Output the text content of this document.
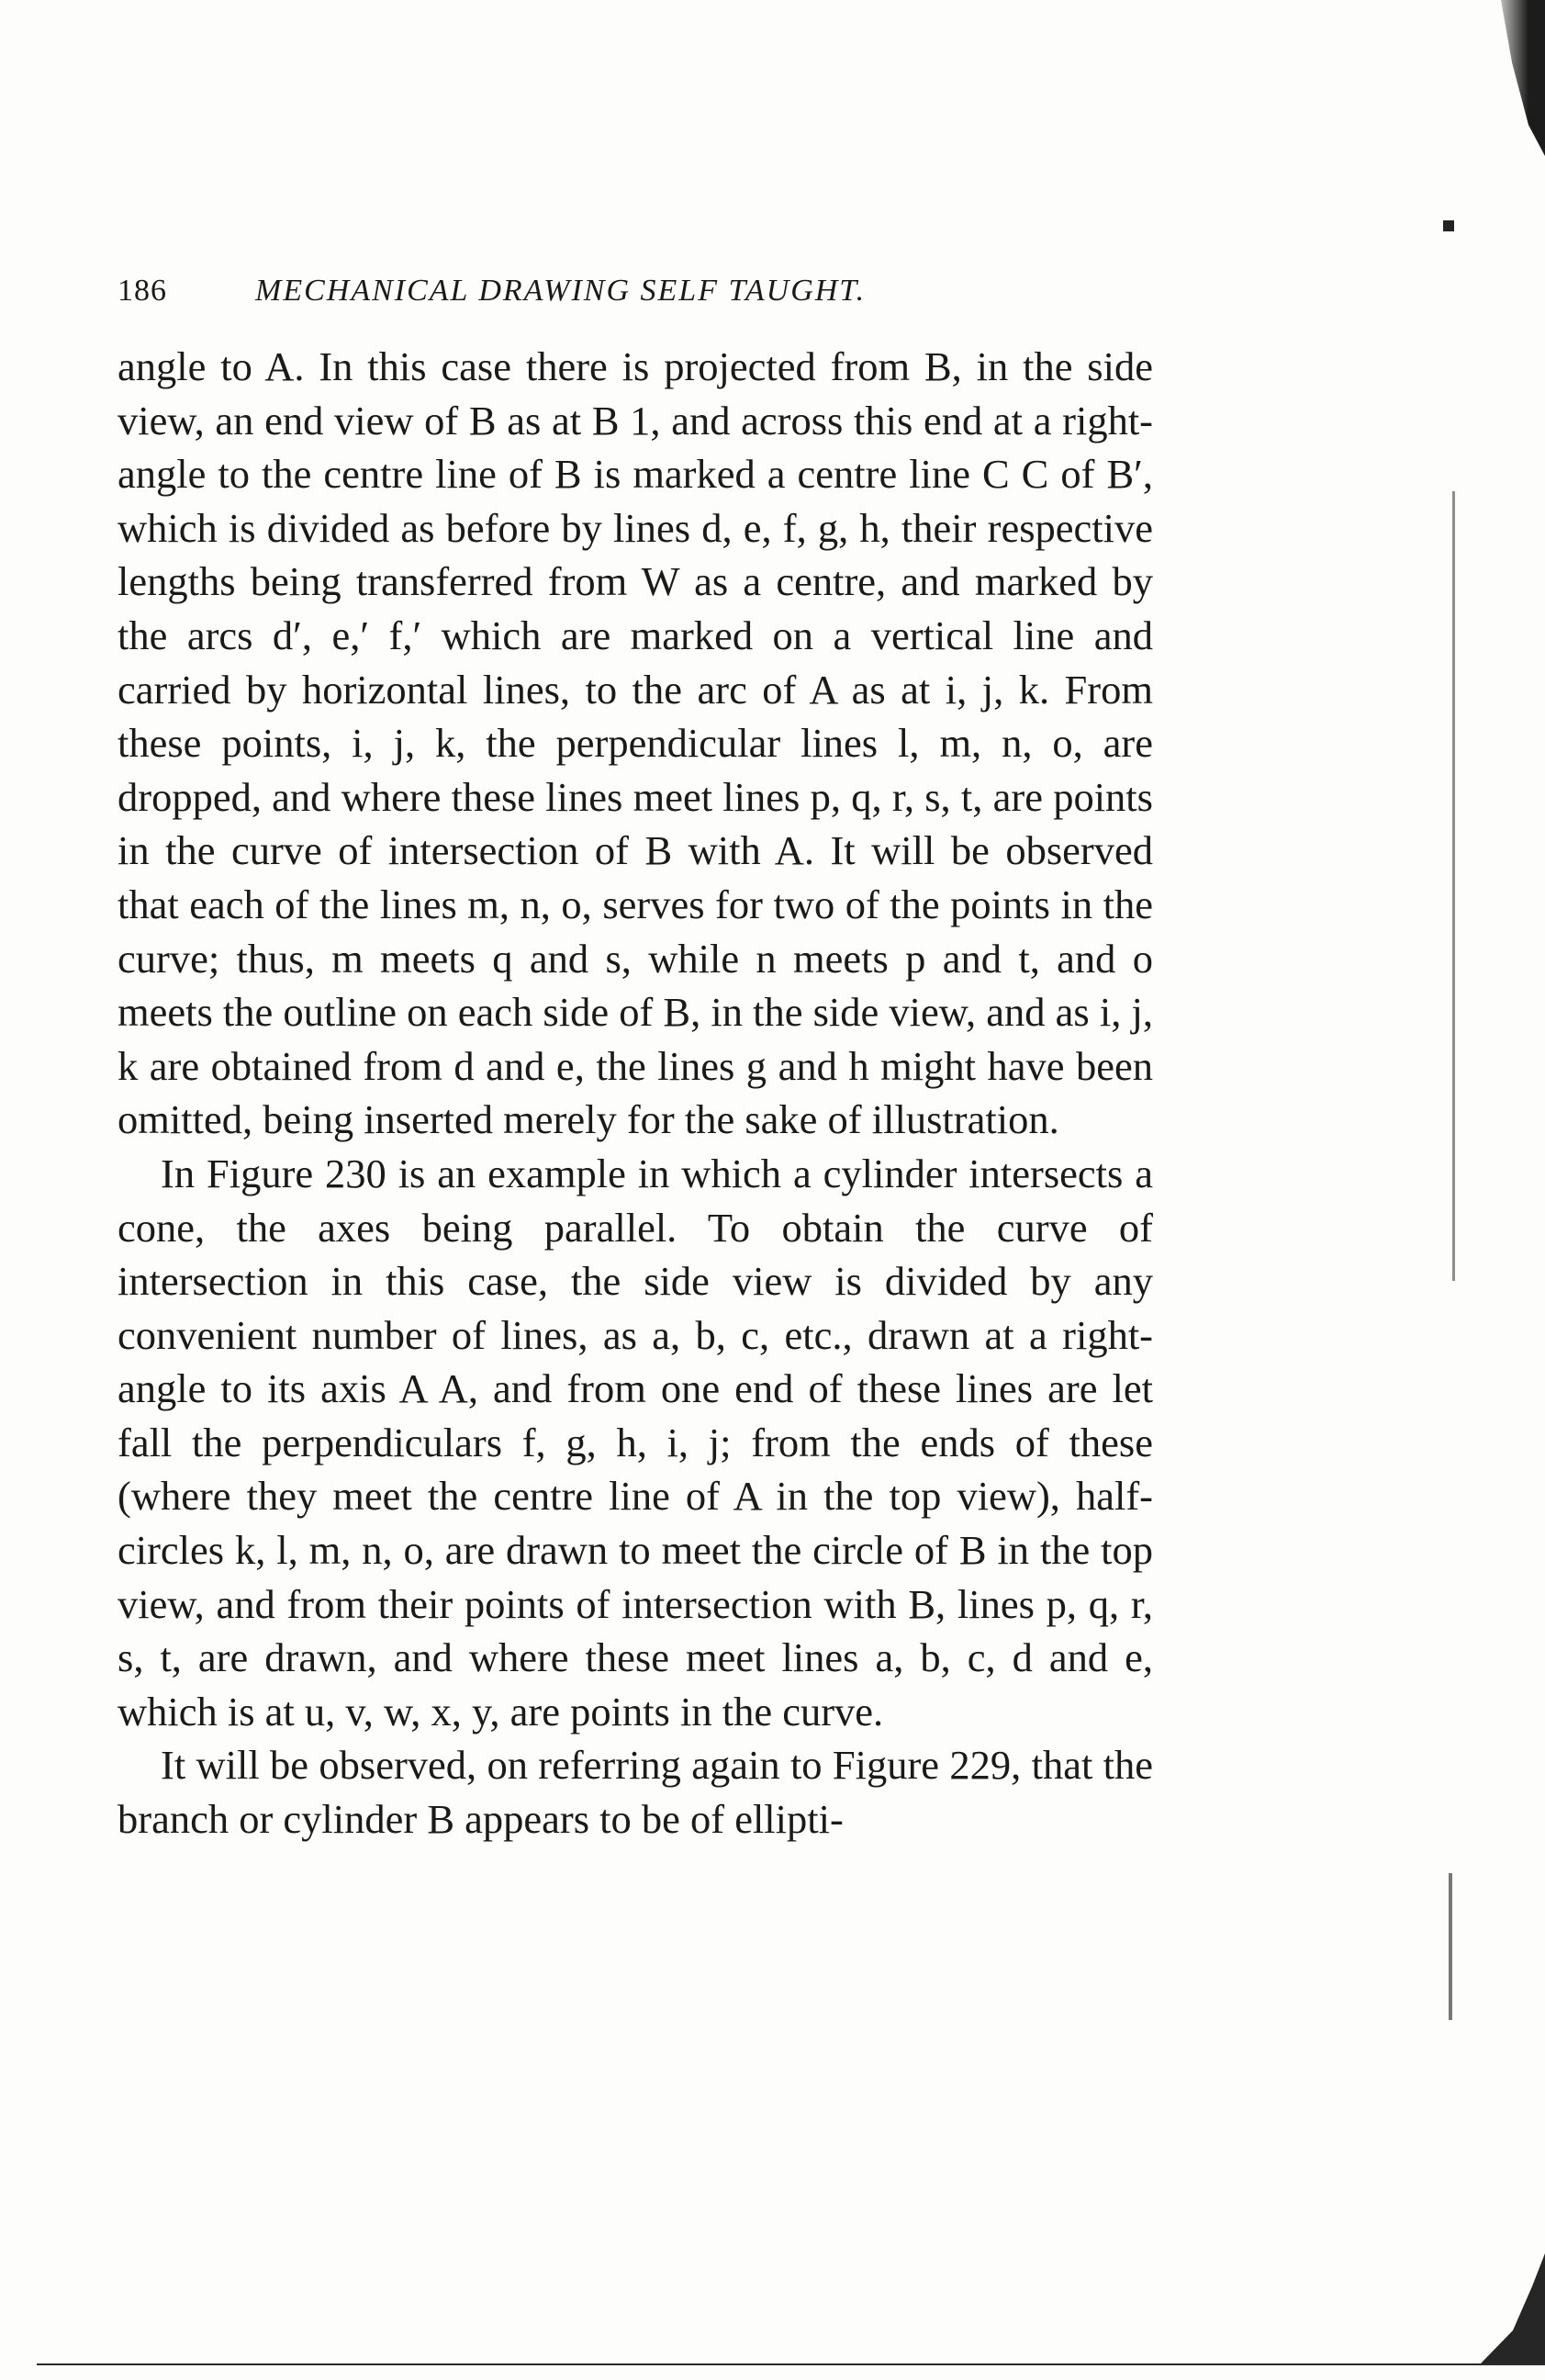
186	MECHANICAL DRAWING SELF TAUGHT.

angle to A. In this case there is projected from B, in the side view, an end view of B as at B 1, and across this end at a right-angle to the centre line of B is marked a centre line C C of B′, which is divided as before by lines d, e, f, g, h, their respective lengths being transferred from W as a centre, and marked by the arcs d′, e,′ f,′ which are marked on a vertical line and carried by horizontal lines, to the arc of A as at i, j, k. From these points, i, j, k, the perpendicular lines l, m, n, o, are dropped, and where these lines meet lines p, q, r, s, t, are points in the curve of intersection of B with A. It will be observed that each of the lines m, n, o, serves for two of the points in the curve; thus, m meets q and s, while n meets p and t, and o meets the outline on each side of B, in the side view, and as i, j, k are obtained from d and e, the lines g and h might have been omitted, being inserted merely for the sake of illustration.

In Figure 230 is an example in which a cylinder intersects a cone, the axes being parallel. To obtain the curve of intersection in this case, the side view is divided by any convenient number of lines, as a, b, c, etc., drawn at a right-angle to its axis A A, and from one end of these lines are let fall the perpendiculars f, g, h, i, j; from the ends of these (where they meet the centre line of A in the top view), half-circles k, l, m, n, o, are drawn to meet the circle of B in the top view, and from their points of intersection with B, lines p, q, r, s, t, are drawn, and where these meet lines a, b, c, d and e, which is at u, v, w, x, y, are points in the curve.

It will be observed, on referring again to Figure 229, that the branch or cylinder B appears to be of ellipti-
